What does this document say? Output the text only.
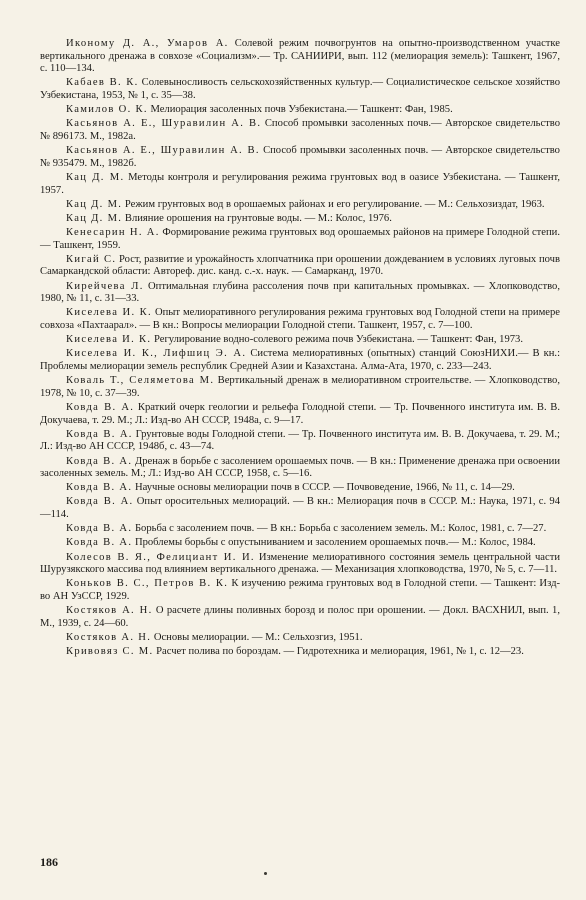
Иконому Д. А., Умаров А. Солевой режим почвогрунтов на опытно-производственном участке вертикального дренажа в совхозе «Социализм».— Тр. САНИИРИ, вып. 112 (мелиорация земель): Ташкент, 1967, с. 110—134.

Кабаев В. К. Солевыносливость сельскохозяйственных культур.— Социалистическое сельское хозяйство Узбекистана, 1953, № 1, с. 35—38.

Камилов О. К. Мелиорация засоленных почв Узбекистана.— Ташкент: Фан, 1985.

Касьянов А. Е., Шуравилин А. В. Способ промывки засоленных почв.— Авторское свидетельство № 896173. М., 1982а.

Касьянов А. Е., Шуравилин А. В. Способ промывки засоленных почв. — Авторское свидетельство № 935479. М., 1982б.

Кац Д. М. Методы контроля и регулирования режима грунтовых вод в оазисе Узбекистана. — Ташкент, 1957.

Кац Д. М. Режим грунтовых вод в орошаемых районах и его регулирование. — М.: Сельхозиздат, 1963.

Кац Д. М. Влияние орошения на грунтовые воды. — М.: Колос, 1976.

Кенесарин Н. А. Формирование режима грунтовых вод орошаемых районов на примере Голодной степи. — Ташкент, 1959.

Кигай С. Рост, развитие и урожайность хлопчатника при орошении дождеванием в условиях луговых почв Самаркандской области: Автореф. дис. канд. с.-х. наук. — Самарканд, 1970.

Кирейчева Л. Оптимальная глубина рассоления почв при капитальных промывках. — Хлопководство, 1980, № 11, с. 31—33.

Киселева И. К. Опыт мелиоративного регулирования режима грунтовых вод Голодной степи на примере совхоза «Пахтаарал». — В кн.: Вопросы мелиорации Голодной степи. Ташкент, 1957, с. 7—100.

Киселева И. К. Регулирование водно-солевого режима почв Узбекистана. — Ташкент: Фан, 1973.

Киселева И. К., Лифшиц Э. А. Система мелиоративных (опытных) станций СоюзНИХИ.— В кн.: Проблемы мелиорации земель республик Средней Азии и Казахстана. Алма-Ата, 1970, с. 233—243.

Коваль Т., Селяметова М. Вертикальный дренаж в мелиоративном строительстве. — Хлопководство, 1978, № 10, с. 37—39.

Ковда В. А. Краткий очерк геологии и рельефа Голодной степи. — Тр. Почвенного института им. В. В. Докучаева, т. 29. М.; Л.: Изд-во АН СССР, 1948а, с. 9—17.

Ковда В. А. Грунтовые воды Голодной степи. — Тр. Почвенного института им. В. В. Докучаева, т. 29. М.; Л.: Изд-во АН СССР, 1948б, с. 43—74.

Ковда В. А. Дренаж в борьбе с засолением орошаемых почв. — В кн.: Применение дренажа при освоении засоленных земель. М.; Л.: Изд-во АН СССР, 1958, с. 5—16.

Ковда В. А. Научные основы мелиорации почв в СССР. — Почвоведение, 1966, № 11, с. 14—29.

Ковда В. А. Опыт оросительных мелиораций. — В кн.: Мелиорация почв в СССР. М.: Наука, 1971, с. 94—114.

Ковда В. А. Борьба с засолением почв. — В кн.: Борьба с засолением земель. М.: Колос, 1981, с. 7—27.

Ковда В. А. Проблемы борьбы с опустыниванием и засолением орошаемых почв.— М.: Колос, 1984.

Колесов В. Я., Фелициант И. И. Изменение мелиоративного состояния земель центральной части Шурузякского массива под влиянием вертикального дренажа. — Механизация хлопководства, 1970, № 5, с. 7—11.

Коньков В. С., Петров В. К. К изучению режима грунтовых вод в Голодной степи. — Ташкент: Изд-во АН УзССР, 1929.

Костяков А. Н. О расчете длины поливных борозд и полос при орошении. — Докл. ВАСХНИЛ, вып. 1, М., 1939, с. 24—60.

Костяков А. Н. Основы мелиорации. — М.: Сельхозгиз, 1951.

Кривовяз С. М. Расчет полива по бороздам. — Гидротехника и мелиорация, 1961, № 1, с. 12—23.

186
